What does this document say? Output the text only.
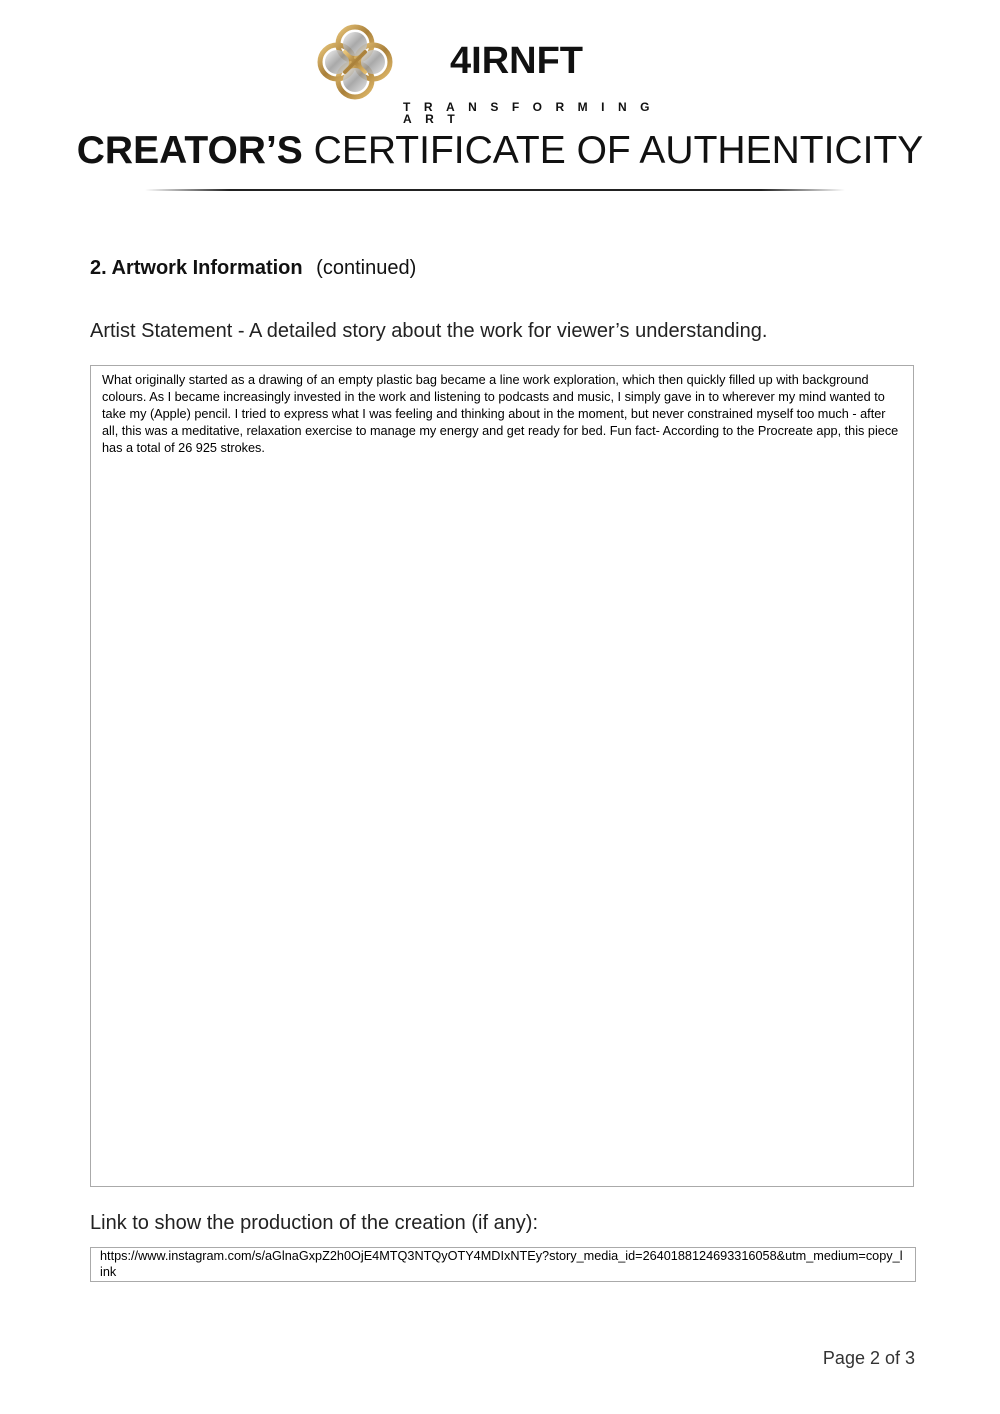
4IRNFT
TRANSFORMING ART
CREATOR’S CERTIFICATE OF AUTHENTICITY
2. Artwork Information (continued)
Artist Statement - A detailed story about the work for viewer’s understanding.
What originally started as a drawing of an empty plastic bag became a line work exploration, which then quickly filled up with background colours. As I became increasingly invested in the work and listening to podcasts and music, I simply gave in to wherever my mind wanted to take my (Apple) pencil. I tried to express what I was feeling and thinking about in the moment, but never constrained myself too much - after all, this was a meditative, relaxation exercise to manage my energy and get ready for bed. Fun fact- According to the Procreate app, this piece has a total of 26 925 strokes.
Link to show the production of the creation (if any):
https://www.instagram.com/s/aGlnaGxpZ2h0OjE4MTQ3NTQyOTY4MDIxNTEy?story_media_id=2640188124693316058&utm_medium=copy_link
Page 2 of 3
